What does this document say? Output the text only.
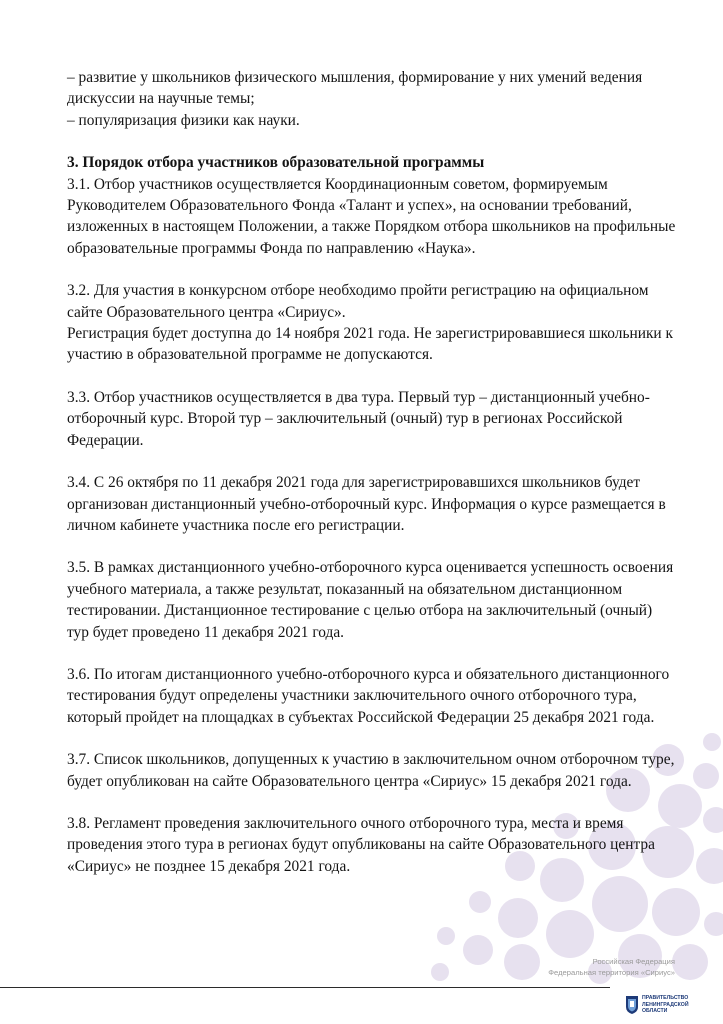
– развитие у школьников физического мышления, формирование у них умений ведения дискуссии на научные темы;

– популяризация физики как науки.

3. Порядок отбора участников образовательной программы

3.1. Отбор участников осуществляется Координационным советом, формируемым Руководителем Образовательного Фонда «Талант и успех», на основании требований, изложенных в настоящем Положении, а также Порядком отбора школьников на профильные образовательные программы Фонда по направлению «Наука».

3.2. Для участия в конкурсном отборе необходимо пройти регистрацию на официальном сайте Образовательного центра «Сириус».

Регистрация будет доступна до 14 ноября 2021 года. Не зарегистрировавшиеся школьники к участию в образовательной программе не допускаются.

3.3. Отбор участников осуществляется в два тура. Первый тур – дистанционный учебно-отборочный курс. Второй тур – заключительный (очный) тур в регионах Российской Федерации.

3.4. С 26 октября по 11 декабря 2021 года для зарегистрировавшихся школьников будет организован дистанционный учебно-отборочный курс. Информация о курсе размещается в личном кабинете участника после его регистрации.

3.5. В рамках дистанционного учебно-отборочного курса оценивается успешность освоения учебного материала, а также результат, показанный на обязательном дистанционном тестировании. Дистанционное тестирование с целью отбора на заключительный (очный) тур будет проведено 11 декабря 2021 года.

3.6. По итогам дистанционного учебно-отборочного курса и обязательного дистанционного тестирования будут определены участники заключительного очного отборочного тура, который пройдет на площадках в субъектах Российской Федерации 25 декабря 2021 года.

3.7. Список школьников, допущенных к участию в заключительном очном отборочном туре, будет опубликован на сайте Образовательного центра «Сириус» 15 декабря 2021 года.

3.8. Регламент проведения заключительного очного отборочного тура, места и время проведения этого тура в регионах будут опубликованы на сайте Образовательного центра «Сириус» не позднее 15 декабря 2021 года.

Российская Федерация
Федеральная территория «Сириус»
ПРАВИТЕЛЬСТВО
ЛЕНИНГРАДСКОЙ
ОБЛАСТИ
